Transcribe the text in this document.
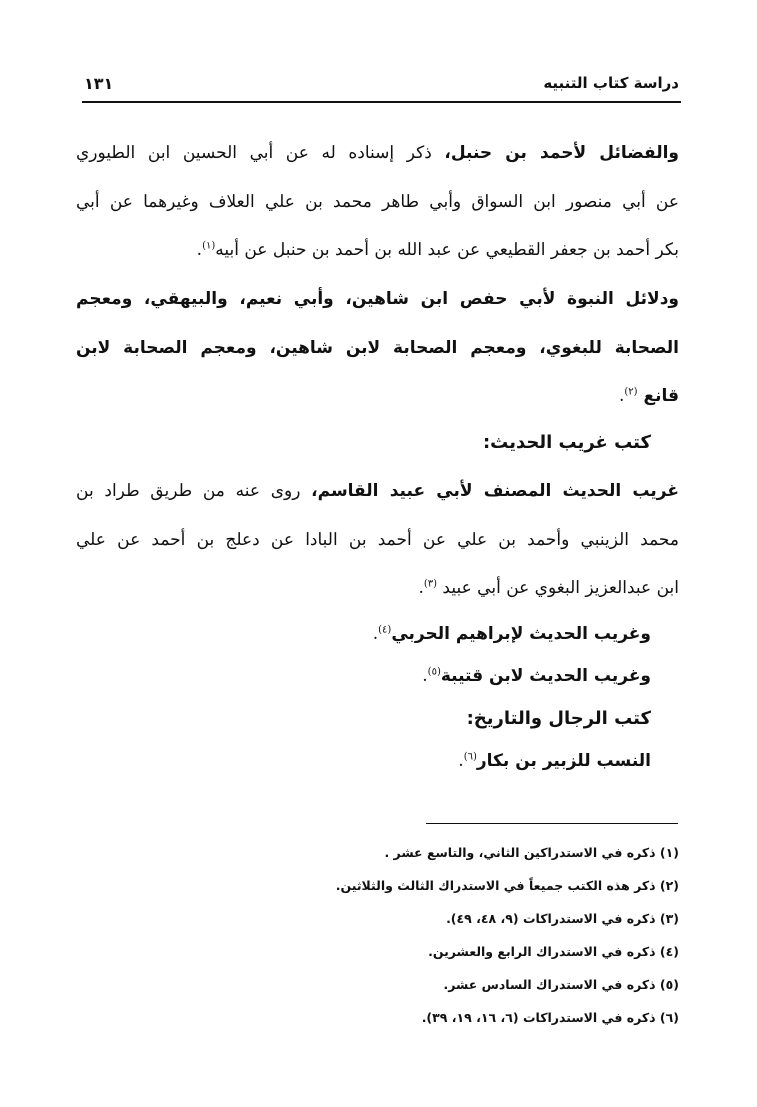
دراسة كتاب التنبيه
١٣١

والفضائل لأحمد بن حنبل، ذكر إسناده له عن أبي الحسين ابن الطيوري

عن أبي منصور ابن السواق وأبي طاهر محمد بن علي العلاف وغيرهما عن أبي

بكر أحمد بن جعفر القطيعي عن عبد الله بن أحمد بن حنبل عن أبيه$^{(١)}$.

ودلائل النبوة لأبي حفص ابن شاهين، وأبي نعيم، والبيهقي، ومعجم

الصحابة للبغوي، ومعجم الصحابة لابن شاهين، ومعجم الصحابة لابن

قانع $^{(٢)}$.

كتب غريب الحديث:

غريب الحديث المصنف لأبي عبيد القاسم، روى عنه من طريق طراد بن

محمد الزينبي وأحمد بن علي عن أحمد بن البادا عن دعلج بن أحمد عن علي

ابن عبدالعزيز البغوي عن أبي عبيد $^{(٣)}$.

وغريب الحديث لإبراهيم الحربي$^{(٤)}$.

وغريب الحديث لابن قتيبة$^{(٥)}$.

كتب الرجال والتاريخ:

النسب للزبير بن بكار$^{(٦)}$.

(١) ذكره في الاستدراكين الثاني، والتاسع عشر .

(٢) ذكر هذه الكتب جميعاً في الاستدراك الثالث والثلاثين.

(٣) ذكره في الاستدراكات (٩، ٤٨، ٤٩).

(٤) ذكره في الاستدراك الرابع والعشرين.

(٥) ذكره في الاستدراك السادس عشر.

(٦) ذكره في الاستدراكات (٦، ١٦، ١٩، ٣٩).
